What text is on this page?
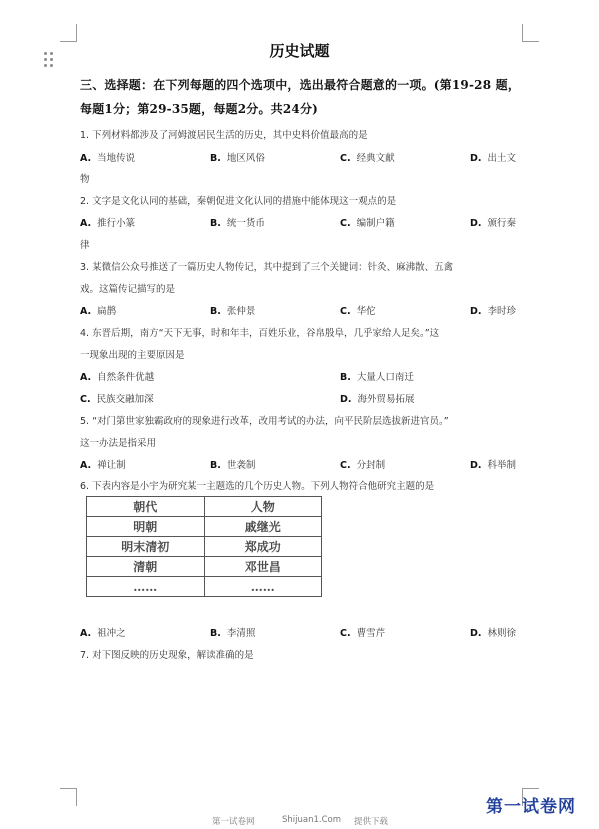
历史试题
三、选择题：在下列每题的四个选项中，选出最符合题意的一项。(第19-28 题，
每题1分；第29-35题，每题2分。共24分)
1. 下列材料都涉及了河姆渡居民生活的历史，其中史料价值最高的是
A. 当地传说	B. 地区风俗	C. 经典文献	D. 出土文
物
2. 文字是文化认同的基础，秦朝促进文化认同的措施中能体现这一观点的是
A. 推行小篆	B. 统一货币	C. 编制户籍	D. 颁行秦
律
3. 某微信公众号推送了一篇历史人物传记，其中提到了三个关键词：针灸、麻沸散、五禽
戏。这篇传记描写的是
A. 扁鹊	B. 张仲景	C. 华佗	D. 李时珍
4. 东晋后期，南方“天下无事，时和年丰，百姓乐业，谷帛殷阜，几乎家给人足矣。”这
一现象出现的主要原因是
A. 自然条件优越	B. 大量人口南迁
C. 民族交融加深	D. 海外贸易拓展
5. “对门第世家独霸政府的现象进行改革，改用考试的办法，向平民阶层选拔新进官员。”
这一办法是指采用
A. 禅让制	B. 世袭制	C. 分封制	D. 科举制
6. 下表内容是小宇为研究某一主题选的几个历史人物。下列人物符合他研究主题的是
朝代	人物
明朝	戚继光
明末清初	郑成功
清朝	邓世昌
……	……
A. 祖冲之	B. 李清照	C. 曹雪芹	D. 林则徐
7. 对下图反映的历史现象，解读准确的是
第一试卷网	Shijuan1.Com 提供下载
第一试卷网
